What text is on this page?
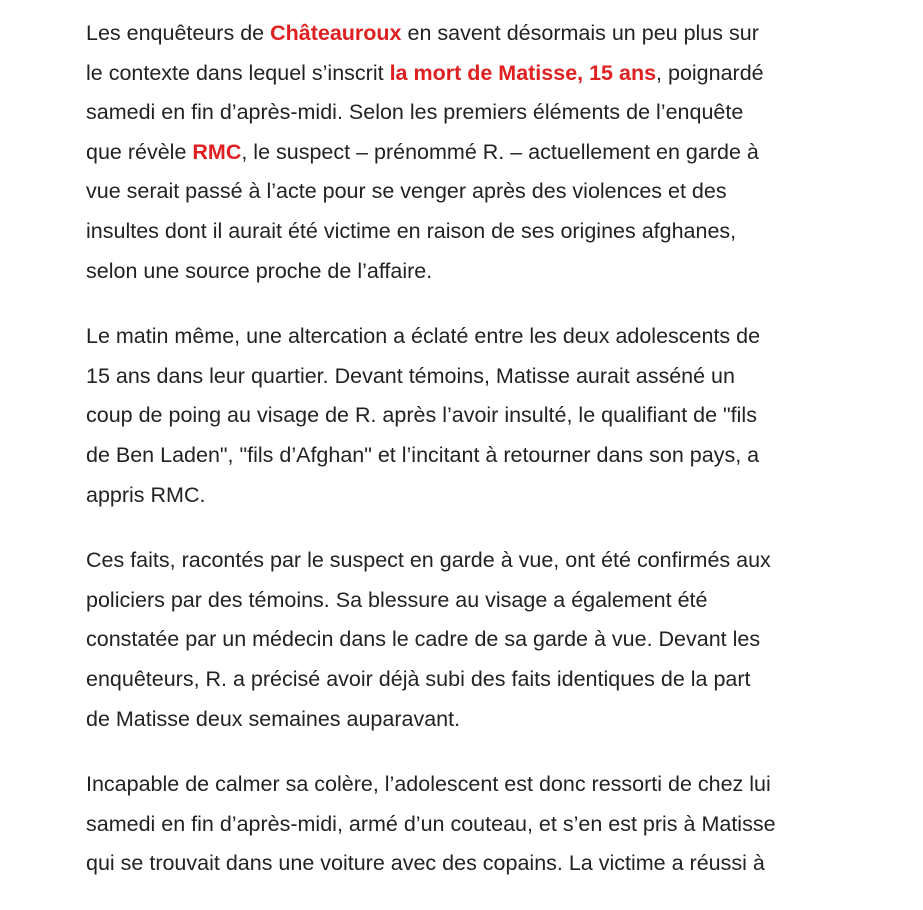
Les enquêteurs de Châteauroux en savent désormais un peu plus sur
le contexte dans lequel s’inscrit la mort de Matisse, 15 ans, poignardé
samedi en fin d’après-midi. Selon les premiers éléments de l’enquête
que révèle RMC, le suspect – prénommé R. – actuellement en garde à
vue serait passé à l’acte pour se venger après des violences et des
insultes dont il aurait été victime en raison de ses origines afghanes,
selon une source proche de l’affaire.

Le matin même, une altercation a éclaté entre les deux adolescents de
15 ans dans leur quartier. Devant témoins, Matisse aurait asséné un
coup de poing au visage de R. après l’avoir insulté, le qualifiant de "fils
de Ben Laden", "fils d’Afghan" et l’incitant à retourner dans son pays, a
appris RMC.

Ces faits, racontés par le suspect en garde à vue, ont été confirmés aux
policiers par des témoins. Sa blessure au visage a également été
constatée par un médecin dans le cadre de sa garde à vue. Devant les
enquêteurs, R. a précisé avoir déjà subi des faits identiques de la part
de Matisse deux semaines auparavant.

Incapable de calmer sa colère, l’adolescent est donc ressorti de chez lui
samedi en fin d’après-midi, armé d’un couteau, et s’en est pris à Matisse
qui se trouvait dans une voiture avec des copains. La victime a réussi à
